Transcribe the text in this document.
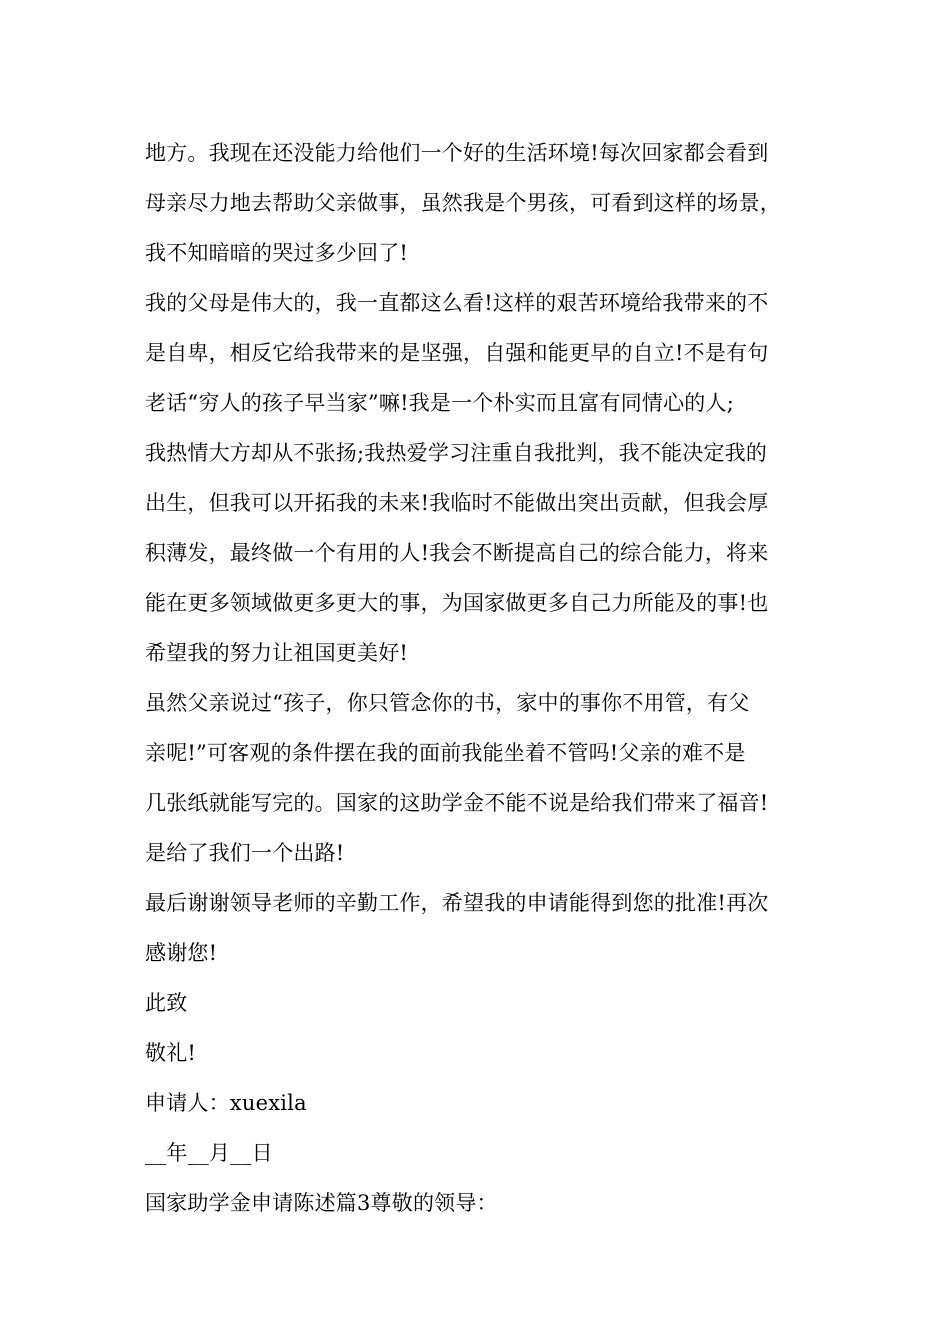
地方。我现在还没能力给他们一个好的生活环境!每次回家都会看到
母亲尽力地去帮助父亲做事，虽然我是个男孩，可看到这样的场景，
我不知暗暗的哭过多少回了!
我的父母是伟大的，我一直都这么看!这样的艰苦环境给我带来的不
是自卑，相反它给我带来的是坚强，自强和能更早的自立!不是有句
老话“穷人的孩子早当家”嘛!我是一个朴实而且富有同情心的人;
我热情大方却从不张扬;我热爱学习注重自我批判，我不能决定我的
出生，但我可以开拓我的未来!我临时不能做出突出贡献，但我会厚
积薄发，最终做一个有用的人!我会不断提高自己的综合能力，将来
能在更多领域做更多更大的事，为国家做更多自己力所能及的事!也
希望我的努力让祖国更美好!
虽然父亲说过“孩子，你只管念你的书，家中的事你不用管，有父
亲呢!”可客观的条件摆在我的面前我能坐着不管吗!父亲的难不是
几张纸就能写完的。国家的这助学金不能不说是给我们带来了福音!
是给了我们一个出路!
最后谢谢领导老师的辛勤工作，希望我的申请能得到您的批准!再次
感谢您!
此致
敬礼!
申请人：xuexila
__年__月__日
国家助学金申请陈述篇3尊敬的领导：
